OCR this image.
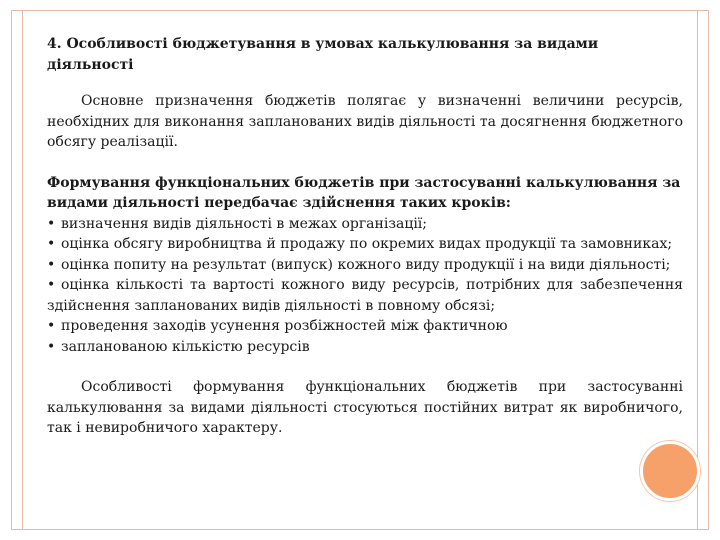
4. Особливості бюджетування в умовах калькулювання за видами діяльності

Основне призначення бюджетів полягає у визначенні величини ресурсів, необхідних для виконання запланованих видів діяльності та досягнення бюджетного обсягу реалізації.

Формування функціональних бюджетів при застосуванні калькулювання за видами діяльності передбачає здійснення таких кроків:

• визначення видів діяльності в межах організації;

• оцінка обсягу виробництва й продажу по окремих видах продукції та замовниках;

• оцінка попиту на результат (випуск) кожного виду продукції і на види діяльності;

• оцінка кількості та вартості кожного виду ресурсів, потрібних для забезпечення здійснення запланованих видів діяльності в повному обсязі;

• проведення заходів усунення розбіжностей між фактичною

• запланованою кількістю ресурсів

Особливості формування функціональних бюджетів при застосуванні калькулювання за видами діяльності стосуються постійних витрат як виробничого, так і невиробничого характеру.
